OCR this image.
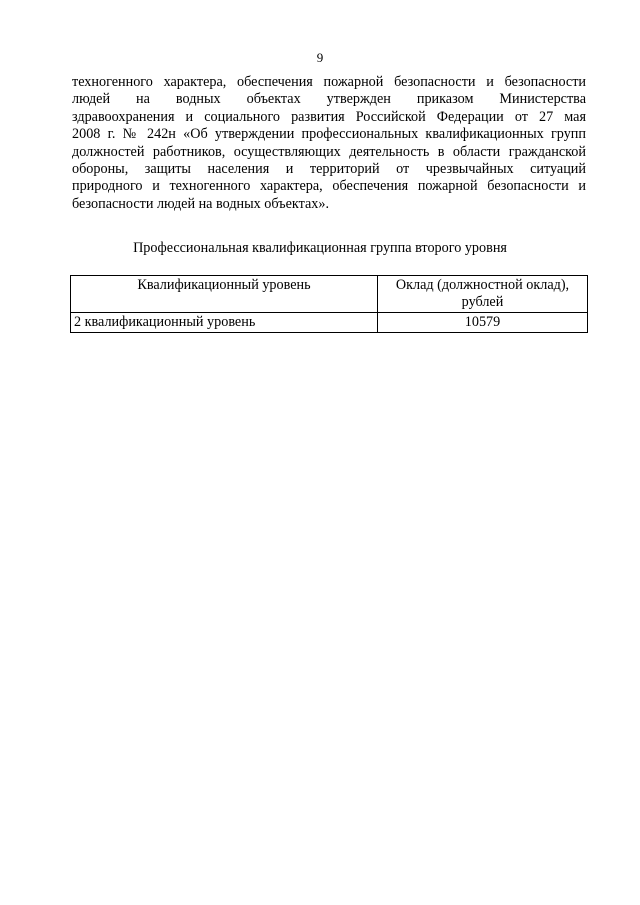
9
техногенного характера, обеспечения пожарной безопасности и безопасности
людей на водных объектах утвержден приказом Министерства
здравоохранения и социального развития Российской Федерации от 27 мая
2008 г. № 242н «Об утверждении профессиональных квалификационных групп
должностей работников, осуществляющих деятельность в области гражданской
обороны, защиты населения и территорий от чрезвычайных ситуаций
природного и техногенного характера, обеспечения пожарной безопасности и
безопасности людей на водных объектах».
Профессиональная квалификационная группа второго уровня
Квалификационный уровень	Оклад (должностной оклад), рублей
2 квалификационный уровень	10579
